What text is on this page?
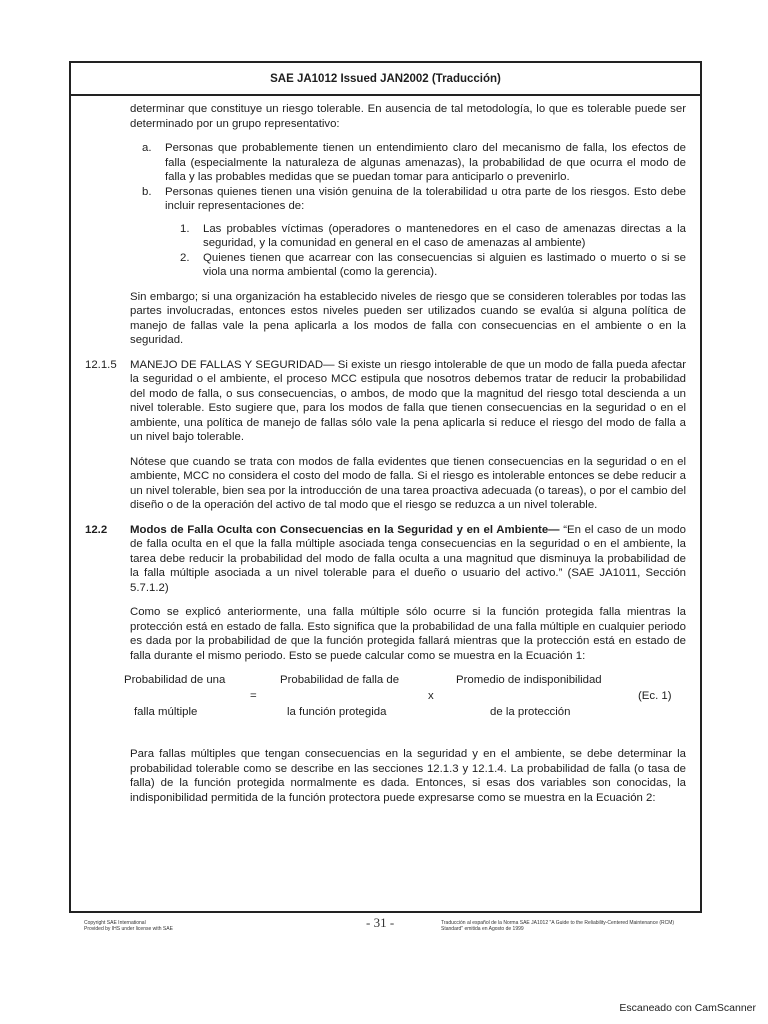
SAE JA1012 Issued JAN2002 (Traducción)

determinar que constituye un riesgo tolerable. En ausencia de tal metodología, lo que es tolerable puede ser determinado por un grupo representativo:

a.	Personas que probablemente tienen un entendimiento claro del mecanismo de falla, los efectos de falla (especialmente la naturaleza de algunas amenazas), la probabilidad de que ocurra el modo de falla y las probables medidas que se puedan tomar para anticiparlo o prevenirlo.
b.	Personas quienes tienen una visión genuina de la tolerabilidad u otra parte de los riesgos. Esto debe incluir representaciones de:
1.	Las probables víctimas (operadores o mantenedores en el caso de amenazas directas a la seguridad, y la comunidad en general en el caso de amenazas al ambiente)
2.	Quienes tienen que acarrear con las consecuencias si alguien es lastimado o muerto o si se viola una norma ambiental (como la gerencia).

Sin embargo; si una organización ha establecido niveles de riesgo que se consideren tolerables por todas las partes involucradas, entonces estos niveles pueden ser utilizados cuando se evalúa si alguna política de manejo de fallas vale la pena aplicarla a los modos de falla con consecuencias en el ambiente o en la seguridad.

12.1.5	MANEJO DE FALLAS Y SEGURIDAD— Si existe un riesgo intolerable de que un modo de falla pueda afectar la seguridad o el ambiente, el proceso MCC estipula que nosotros debemos tratar de reducir la probabilidad del modo de falla, o sus consecuencias, o ambos, de modo que la magnitud del riesgo total descienda a un nivel tolerable. Esto sugiere que, para los modos de falla que tienen consecuencias en la seguridad o en el ambiente, una política de manejo de fallas sólo vale la pena aplicarla si reduce el riesgo del modo de falla a un nivel bajo tolerable.

Nótese que cuando se trata con modos de falla evidentes que tienen consecuencias en la seguridad o en el ambiente, MCC no considera el costo del modo de falla. Si el riesgo es intolerable entonces se debe reducir a un nivel tolerable, bien sea por la introducción de una tarea proactiva adecuada (o tareas), o por el cambio del diseño o de la operación del activo de tal modo que el riesgo se reduzca a un nivel tolerable.

12.2	Modos de Falla Oculta con Consecuencias en la Seguridad y en el Ambiente— “En el caso de un modo de falla oculta en el que la falla múltiple asociada tenga consecuencias en la seguridad o en el ambiente, la tarea debe reducir la probabilidad del modo de falla oculta a una magnitud que disminuya la probabilidad de la falla múltiple asociada a un nivel tolerable para el dueño o usuario del activo.” (SAE JA1011, Sección 5.7.1.2)

Como se explicó anteriormente, una falla múltiple sólo ocurre si la función protegida falla mientras la protección está en estado de falla. Esto significa que la probabilidad de una falla múltiple en cualquier periodo es dada por la probabilidad de que la función protegida fallará mientras que la protección está en estado de falla durante el mismo periodo. Esto se puede calcular como se muestra en la Ecuación 1:

Probabilidad de una
falla múltiple
=
Probabilidad de falla de
la función protegida
x
Promedio de indisponibilidad
de la protección
(Ec. 1)

Para fallas múltiples que tengan consecuencias en la seguridad y en el ambiente, se debe determinar la probabilidad tolerable como se describe en las secciones 12.1.3 y 12.1.4. La probabilidad de falla (o tasa de falla) de la función protegida normalmente es dada. Entonces, si esas dos variables son conocidas, la indisponibilidad permitida de la función protectora puede expresarse como se muestra en la Ecuación 2:

Copyright SAE International
Provided by IHS under license with SAE	- 31 -	Traducción al español de la Norma SAE JA1012 "A Guide to the Reliability-Centered Maintenance (RCM) Standard" emitida en Agosto de 1999
Escaneado con CamScanner
